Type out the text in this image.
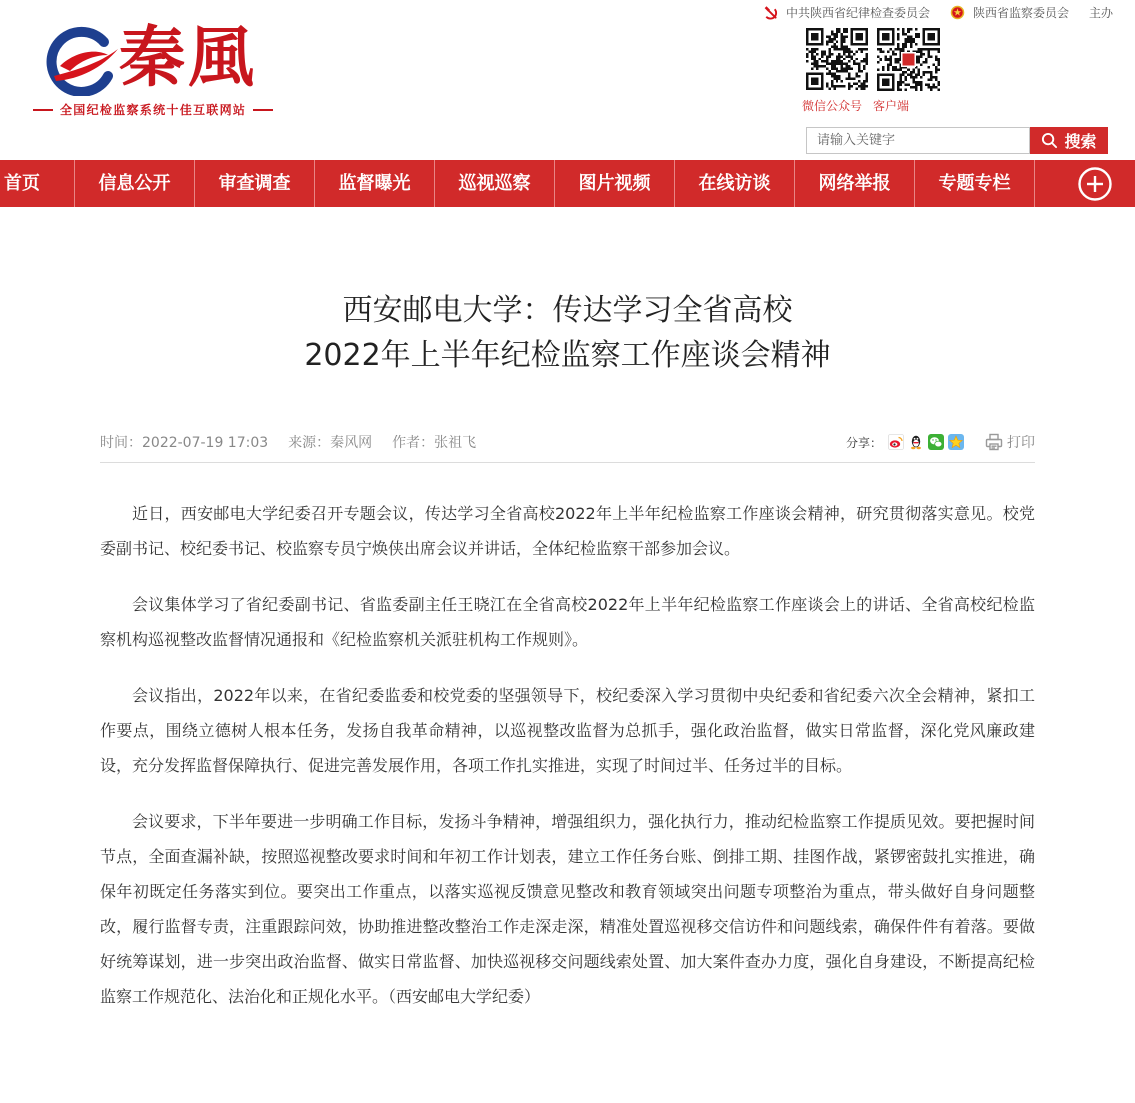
中共陕西省纪律检查委员会	陕西省监察委员会 主办
秦風
全国纪检监察系统十佳互联网站	微信公众号 客户端
请输入关键字
搜索
首页	信息公开	审查调查	监督曝光	巡视巡察	图片视频	在线访谈	网络举报	专题专栏
西安邮电大学：传达学习全省高校
2022年上半年纪检监察工作座谈会精神
时间：2022-07-19 17:03 来源：秦风网 作者：张祖飞	分享：	打印

近日，西安邮电大学纪委召开专题会议，传达学习全省高校2022年上半年纪检监察工作座谈会精神，研究贯彻落实意见。校党委副书记、校纪委书记、校监察专员宁焕侠出席会议并讲话，全体纪检监察干部参加会议。

会议集体学习了省纪委副书记、省监委副主任王晓江在全省高校2022年上半年纪检监察工作座谈会上的讲话、全省高校纪检监察机构巡视整改监督情况通报和《纪检监察机关派驻机构工作规则》。

会议指出，2022年以来，在省纪委监委和校党委的坚强领导下，校纪委深入学习贯彻中央纪委和省纪委六次全会精神，紧扣工作要点，围绕立德树人根本任务，发扬自我革命精神，以巡视整改监督为总抓手，强化政治监督，做实日常监督，深化党风廉政建设，充分发挥监督保障执行、促进完善发展作用，各项工作扎实推进，实现了时间过半、任务过半的目标。

会议要求，下半年要进一步明确工作目标，发扬斗争精神，增强组织力，强化执行力，推动纪检监察工作提质见效。要把握时间节点，全面查漏补缺，按照巡视整改要求时间和年初工作计划表，建立工作任务台账、倒排工期、挂图作战，紧锣密鼓扎实推进，确保年初既定任务落实到位。要突出工作重点，以落实巡视反馈意见整改和教育领域突出问题专项整治为重点，带头做好自身问题整改，履行监督专责，注重跟踪问效，协助推进整改整治工作走深走深，精准处置巡视移交信访件和问题线索，确保件件有着落。要做好统筹谋划，进一步突出政治监督、做实日常监督、加快巡视移交问题线索处置、加大案件查办力度，强化自身建设，不断提高纪检监察工作规范化、法治化和正规化水平。（西安邮电大学纪委）
